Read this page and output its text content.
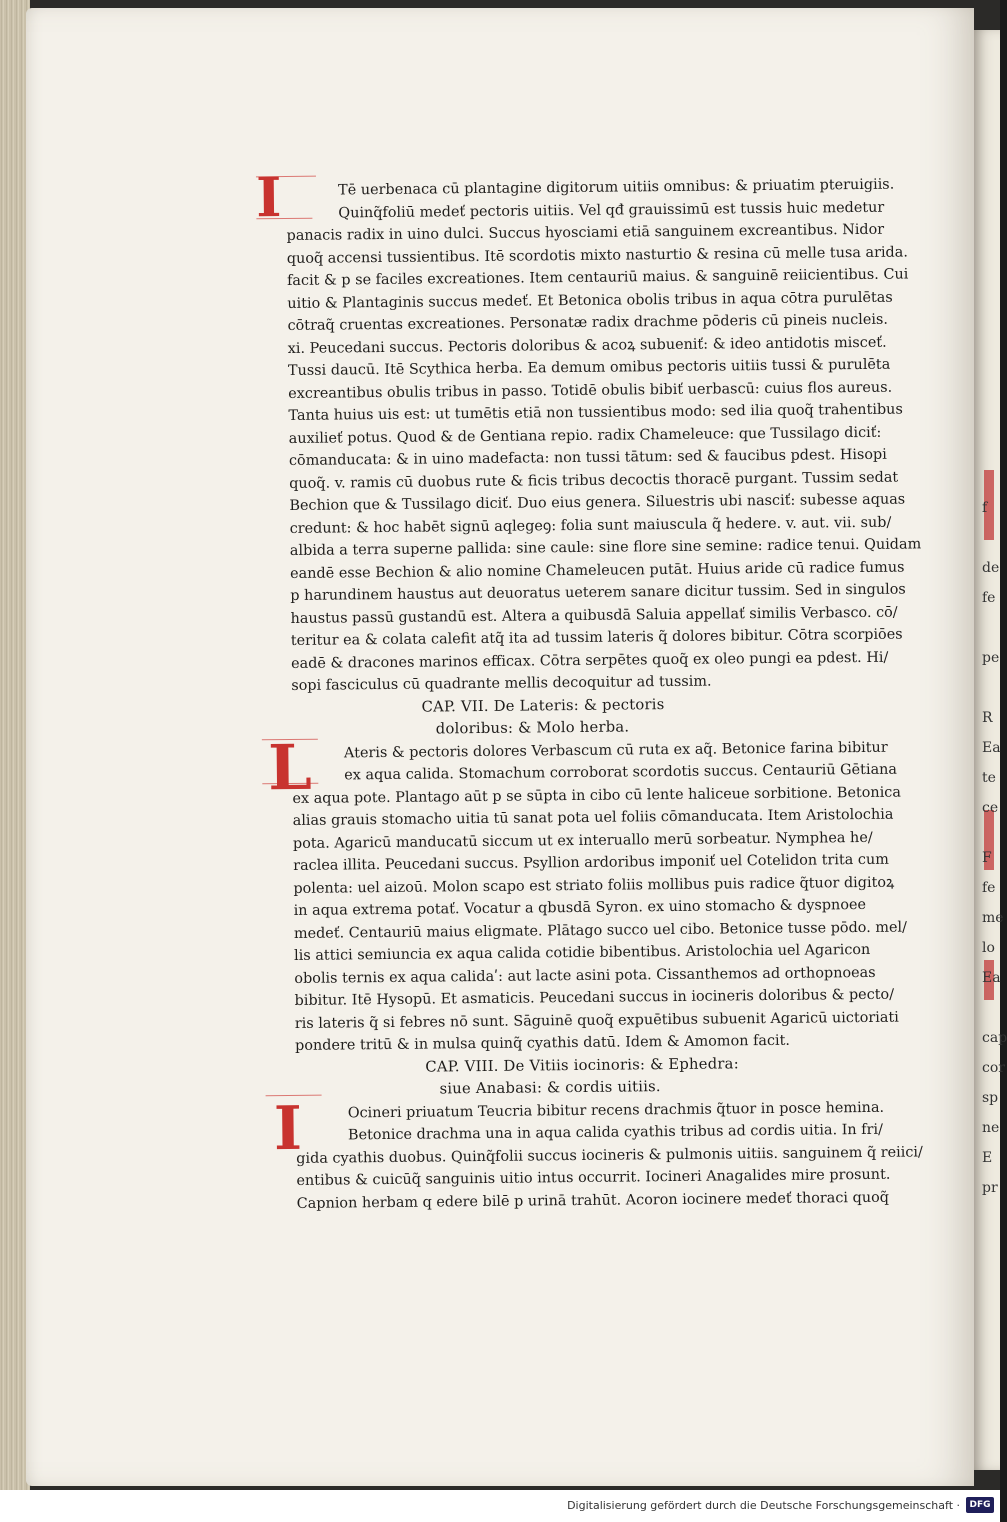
f
de
fe
pe
R
Ea
te
ce
F
fe
me
lo
Ea
cap
cor
sp
ne
E
pr
I	Tē uerbenaca cū plantagine digitorum uitiis omnibus: & priuatim pteruigiis.
Quinq̃foliū medeť pectoris uitiis. Vel qđ grauissimū est tussis huic medetur
panacis radix in uino dulci. Succus hyosciami etiā sanguinem excreantibus. Nidor
quoq̃ accensi tussientibus. Itē scordotis mixto nasturtio & resina cū melle tusa arida.
facit & p se faciles excreationes. Item centauriū maius. & sanguinē reiicientibus. Cui
uitio & Plantaginis succus medeť. Et Betonica obolis tribus in aqua cōtra purulētas
cōtraq̃ cruentas excreationes. Personatæ radix drachme pōderis cū pineis nucleis.
xi. Peucedani succus. Pectoris doloribus & acoꝝ subueniť: & ideo antidotis misceť.
Tussi daucū. Itē Scythica herba. Ea demum omibus pectoris uitiis tussi & purulēta
excreantibus obulis tribus in passo. Totidē obulis bibiť uerbascū: cuius flos aureus.
Tanta huius uis est: ut tumētis etiā non tussientibus modo: sed ilia quoq̃ trahentibus
auxilieť potus. Quod & de Gentiana repio. radix Chameleuce: que Tussilago diciť:
cōmanducata: & in uino madefacta: non tussi tātum: sed & faucibus pdest. Hisopi
quoq̃. v. ramis cū duobus rute & ficis tribus decoctis thoracē purgant. Tussim sedat
Bechion que & Tussilago diciť. Duo eius genera. Siluestris ubi nasciť: subesse aquas
credunt: & hoc habēt signū aqlegeꝯ: folia sunt maiuscula q̃ hedere. v. aut. vii. sub/
albida a terra superne pallida: sine caule: sine flore sine semine: radice tenui. Quidam
eandē esse Bechion & alio nomine Chameleucen putāt. Huius aride cū radice fumus
p harundinem haustus aut deuoratus ueterem sanare dicitur tussim. Sed in singulos
haustus passū gustandū est. Altera a quibusdā Saluia appellať similis Verbasco. cō/
teritur ea & colata calefit atq̃ ita ad tussim lateris q̃ dolores bibitur. Cōtra scorpiōes
eadē & dracones marinos efficax. Cōtra serpētes quoq̃ ex oleo pungi ea pdest. Hi/
sopi fasciculus cū quadrante mellis decoquitur ad tussim.
CAP. VII. De Lateris: & pectoris
doloribus: & Molo herba.
L	Ateris & pectoris dolores Verbascum cū ruta ex aq̃. Betonice farina bibitur
ex aqua calida. Stomachum corroborat scordotis succus. Centauriū Gētiana
ex aqua pote. Plantago aūt p se sūpta in cibo cū lente haliceue sorbitione. Betonica
alias grauis stomacho uitia tū sanat pota uel foliis cōmanducata. Item Aristolochia
pota. Agaricū manducatū siccum ut ex interuallo merū sorbeatur. Nymphea he/
raclea illita. Peucedani succus. Psyllion ardoribus imponiť uel Cotelidon trita cum
polenta: uel aizoū. Molon scapo est striato foliis mollibus puis radice q̃tuor digitoꝝ
in aqua extrema potať. Vocatur a qbusdā Syron. ex uino stomacho & dyspnoee
medeť. Centauriū maius eligmate. Plātago succo uel cibo. Betonice tusse pōdo. mel/
lis attici semiuncia ex aqua calida cotidie bibentibus. Aristolochia uel Agaricon
obolis ternis ex aqua calidaʹ: aut lacte asini pota. Cissanthemos ad orthopnoeas
bibitur. Itē Hysopū. Et asmaticis. Peucedani succus in iocineris doloribus & pecto/
ris lateris q̃ si febres nō sunt. Sāguinē quoq̃ expuētibus subuenit Agaricū uictoriati
pondere tritū & in mulsa quinq̃ cyathis datū. Idem & Amomon facit.
CAP. VIII. De Vitiis iocinoris: & Ephedra:
siue Anabasi: & cordis uitiis.
I	Ocineri priuatum Teucria bibitur recens drachmis q̃tuor in posce hemina.
Betonice drachma una in aqua calida cyathis tribus ad cordis uitia. In fri/
gida cyathis duobus. Quinq̃folii succus iocineris & pulmonis uitiis. sanguinem q̃ reiici/
entibus & cuicūq̃ sanguinis uitio intus occurrit. Iocineri Anagalides mire prosunt.
Capnion herbam q edere bilē p urinā trahūt. Acoron iocinere medeť thoraci quoq̃
Digitalisierung gefördert durch die Deutsche Forschungsgemeinschaft ·	DFG
